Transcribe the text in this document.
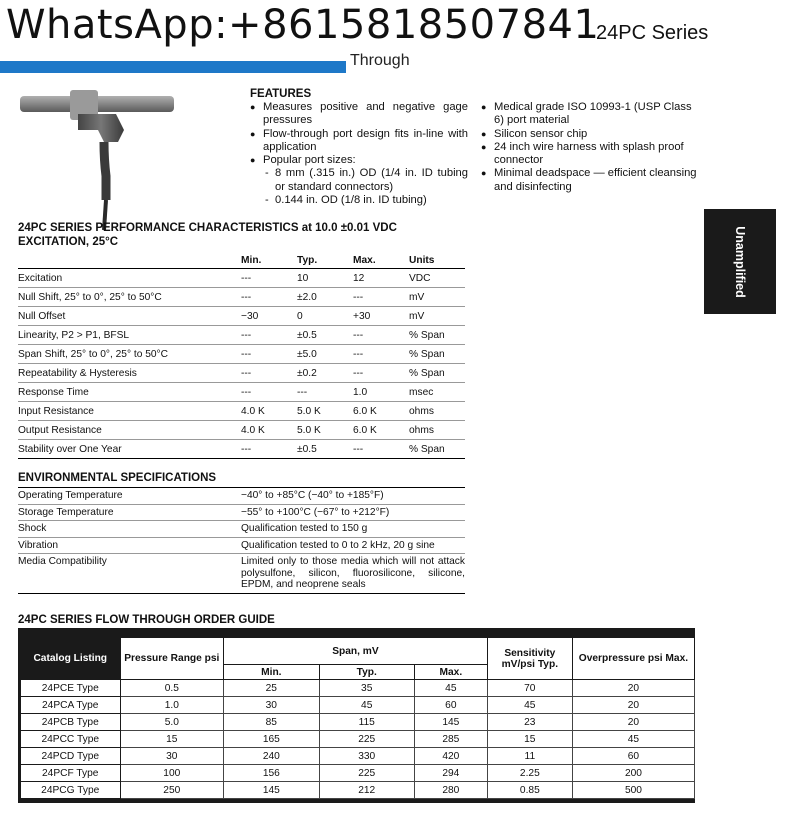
WhatsApp:+8615818507841
24PC Series
Through
FEATURES
● Measures positive and negative gage pressures
● Flow-through port design fits in-line with application
● Popular port sizes:
- 8 mm (.315 in.) OD (1/4 in. ID tubing or standard connectors)
- 0.144 in. OD (1/8 in. ID tubing)
● Medical grade ISO 10993-1 (USP Class 6) port material
● Silicon sensor chip
● 24 inch wire harness with splash proof connector
● Minimal deadspace — efficient cleansing and disinfecting
Unamplified
24PC SERIES PERFORMANCE CHARACTERISTICS at 10.0 ±0.01 VDC EXCITATION, 25°C
	Min.	Typ.	Max.	Units
Excitation	---	10	12	VDC
Null Shift, 25° to 0°, 25° to 50°C	---	±2.0	---	mV
Null Offset	−30	0	+30	mV
Linearity, P2 > P1, BFSL	---	±0.5	---	% Span
Span Shift, 25° to 0°, 25° to 50°C	---	±5.0	---	% Span
Repeatability & Hysteresis	---	±0.2	---	% Span
Response Time	---	---	1.0	msec
Input Resistance	4.0 K	5.0 K	6.0 K	ohms
Output Resistance	4.0 K	5.0 K	6.0 K	ohms
Stability over One Year	---	±0.5	---	% Span
ENVIRONMENTAL SPECIFICATIONS
Operating Temperature	−40° to +85°C (−40° to +185°F)
Storage Temperature	−55° to +100°C (−67° to +212°F)
Shock	Qualification tested to 150 g
Vibration	Qualification tested to 0 to 2 kHz, 20 g sine
Media Compatibility	Limited only to those media which will not attack polysulfone, silicon, fluorosilicone, silicone, EPDM, and neoprene seals
24PC SERIES FLOW THROUGH ORDER GUIDE
Catalog Listing	Pressure Range psi	Span, mV			Sensitivity mV/psi Typ.	Overpressure psi Max.
		Min.	Typ.	Max.		
24PCE Type	0.5	25	35	45	70	20
24PCA Type	1.0	30	45	60	45	20
24PCB Type	5.0	85	115	145	23	20
24PCC Type	15	165	225	285	15	45
24PCD Type	30	240	330	420	11	60
24PCF Type	100	156	225	294	2.25	200
24PCG Type	250	145	212	280	0.85	500
